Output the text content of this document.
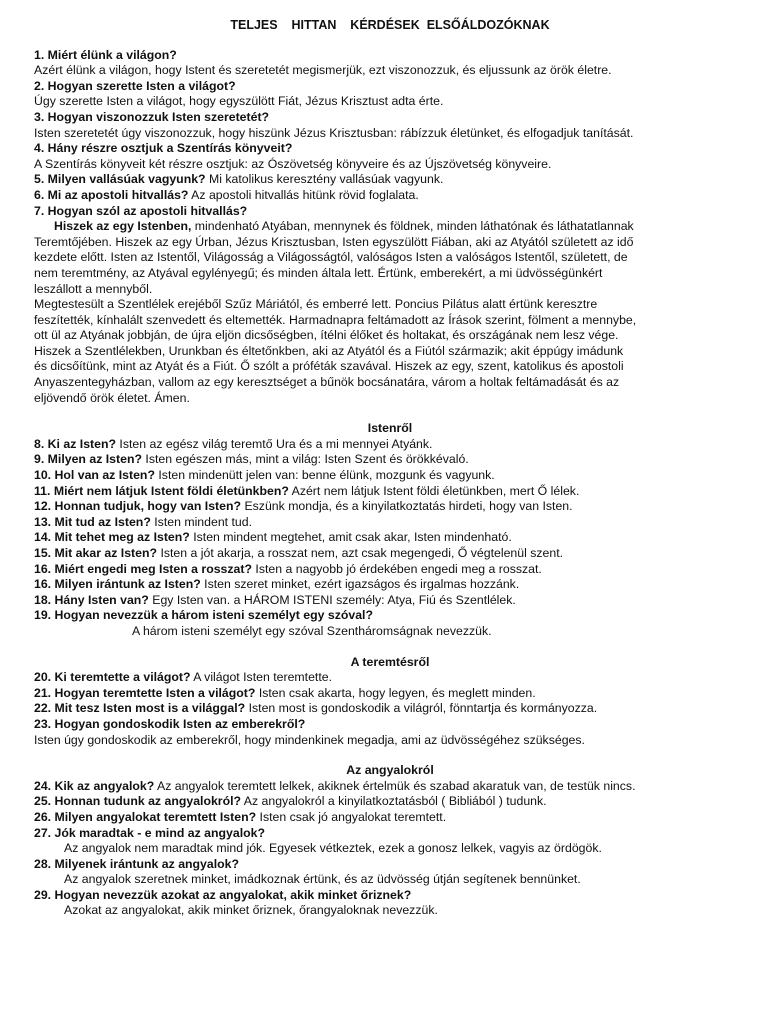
TELJES    HITTAN    KÉRDÉSEK  ELSŐÁLDOZÓKNAK
1. Miért élünk a világon?
Azért élünk a világon, hogy Istent és szeretetét megismerjük, ezt viszonozzuk, és eljussunk az örök életre.
2. Hogyan szerette Isten a világot?
Úgy szerette Isten a világot, hogy egyszülött Fiát, Jézus Krisztust adta érte.
3. Hogyan viszonozzuk Isten szeretetét?
Isten szeretetét úgy viszonozzuk, hogy hiszünk Jézus Krisztusban: rábízzuk életünket, és elfogadjuk tanítását.
4. Hány részre osztjuk a Szentírás könyveit?
A Szentírás könyveit két részre osztjuk: az Ószövetség könyveire és az Újszövetség könyveire.
5. Milyen vallásúak vagyunk? Mi katolikus keresztény vallásúak vagyunk.
6. Mi az apostoli hitvallás? Az apostoli hitvallás hitünk rövid foglalata.
7. Hogyan szól az apostoli hitvallás?
Hiszek az egy Istenben, mindenható Atyában, mennynek és földnek, minden láthatónak és láthatatlannak
Teremtőjében. Hiszek az egy Úrban, Jézus Krisztusban, Isten egyszülött Fiában, aki az Atyától született az idő
kezdete előtt. Isten az Istentől, Világosság a Világosságtól, valóságos Isten a valóságos Istentől, született, de
nem teremtmény, az Atyával egylényegű; és minden általa lett. Értünk, emberekért, a mi üdvösségünkért
leszállott a mennyből.
Megtestesült a Szentlélek erejéből Szűz Máriától, és emberré lett. Poncius Pilátus alatt értünk keresztre
feszítették, kínhalált szenvedett és eltemették. Harmadnapra feltámadott az Írások szerint, fölment a mennybe,
ott ül az Atyának jobbján, de újra eljön dicsőségben, ítélni élőket és holtakat, és országának nem lesz vége.
Hiszek a Szentlélekben, Urunkban és éltetőnkben, aki az Atyától és a Fiútól származik; akit éppúgy imádunk
és dicsőítünk, mint az Atyát és a Fiút. Ő szólt a próféták szavával. Hiszek az egy, szent, katolikus és apostoli
Anyaszentegyházban, vallom az egy keresztséget a bűnök bocsánatára, várom a holtak feltámadását és az
eljövendő örök életet. Ámen.
Istenről
8. Ki az Isten? Isten az egész világ teremtő Ura és a mi mennyei Atyánk.
9. Milyen az Isten? Isten egészen más, mint a világ: Isten Szent és örökkévaló.
10. Hol van az Isten? Isten mindenütt jelen van: benne élünk, mozgunk és vagyunk.
11. Miért nem látjuk Istent földi életünkben? Azért nem látjuk Istent földi életünkben, mert Ő lélek.
12. Honnan tudjuk, hogy van Isten? Eszünk mondja, és a kinyilatkoztatás hirdeti, hogy van Isten.
13. Mit tud az Isten? Isten mindent tud.
14. Mit tehet meg az Isten? Isten mindent megtehet, amit csak akar, Isten mindenható.
15. Mit akar az Isten? Isten a jót akarja, a rosszat nem, azt csak megengedi, Ő végtelenül szent.
16. Miért engedi meg Isten a rosszat? Isten a nagyobb jó érdekében engedi meg a rosszat.
16. Milyen irántunk az Isten? Isten szeret minket, ezért igazságos és irgalmas hozzánk.
18. Hány Isten van? Egy Isten van. a HÁROM ISTENI személy: Atya, Fiú és Szentlélek.
19. Hogyan nevezzük a három isteni személyt egy szóval?
A három isteni személyt egy szóval Szentháromságnak nevezzük.
A teremtésről
20. Ki teremtette a világot? A világot Isten teremtette.
21. Hogyan teremtette Isten a világot? Isten csak akarta, hogy legyen, és meglett minden.
22. Mit tesz Isten most is a világgal? Isten most is gondoskodik a világról, fönntartja és kormányozza.
23. Hogyan gondoskodik Isten az emberekről?
Isten úgy gondoskodik az emberekről, hogy mindenkinek megadja, ami az üdvösségéhez szükséges.
Az angyalokról
24. Kik az angyalok? Az angyalok teremtett lelkek, akiknek értelmük és szabad akaratuk van, de testük nincs.
25. Honnan tudunk az angyalokról? Az angyalokról a kinyilatkoztatásból ( Bibliából ) tudunk.
26. Milyen angyalokat teremtett Isten? Isten csak jó angyalokat teremtett.
27. Jók maradtak - e mind az angyalok?
Az angyalok nem maradtak mind jók. Egyesek vétkeztek, ezek a gonosz lelkek, vagyis az ördögök.
28. Milyenek irántunk az angyalok?
Az angyalok szeretnek minket, imádkoznak értünk, és az üdvösség útján segítenek bennünket.
29. Hogyan nevezzük azokat az angyalokat, akik minket őriznek?
Azokat az angyalokat, akik minket őriznek, őrangyaloknak nevezzük.
